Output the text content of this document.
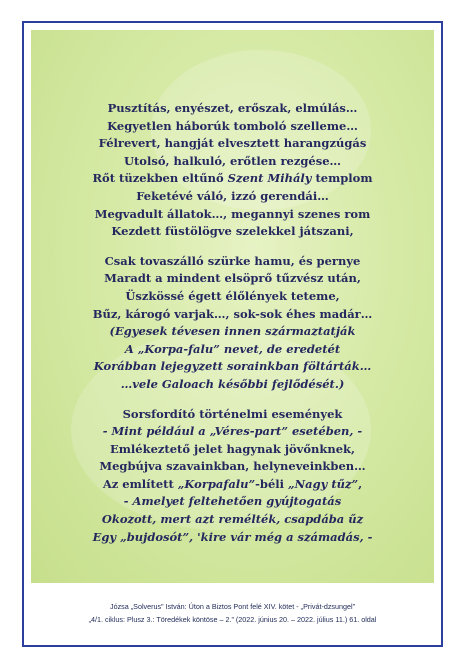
Pusztítás, enyészet, erőszak, elmúlás…
Kegyetlen háborúk tomboló szelleme…
Félrevert, hangját elvesztett harangzúgás
Utolsó, halkuló, erőtlen rezgése…
Rőt tüzekben eltűnő Szent Mihály templom
Feketévé váló, izzó gerendái…
Megvadult állatok…, megannyi szenes rom
Kezdett füstölögve szelekkel játszani,
Csak tovaszálló szürke hamu, és pernye
Maradt a mindent elsöprő tűzvész után,
Üszkössé égett élőlények teteme,
Bűz, károgó varjak…, sok-sok éhes madár…
(Egyesek tévesen innen származtatják
A „Korpa-falu” nevet, de eredetét
Korábban lejegyzett sorainkban föltárták…
…vele Galoach későbbi fejlődését.)
Sorsfordító történelmi események
- Mint például a „Véres-part” esetében, -
Emlékeztető jelet hagynak jövőnknek,
Megbújva szavainkban, helyneveinkben…
Az említett „Korpafalu”-béli „Nagy tűz”,
- Amelyet feltehetően gyújtogatás
Okozott, mert azt remélték, csapdába űz
Egy „bujdosót”, 'kire vár még a számadás, -
Józsa „Solverus” István: Úton a Biztos Pont felé XIV. kötet - „Privát-dzsungel”
„4/1. ciklus: Plusz 3.: Töredékek köntöse – 2.” (2022. június 20. – 2022. július 11.) 61. oldal
